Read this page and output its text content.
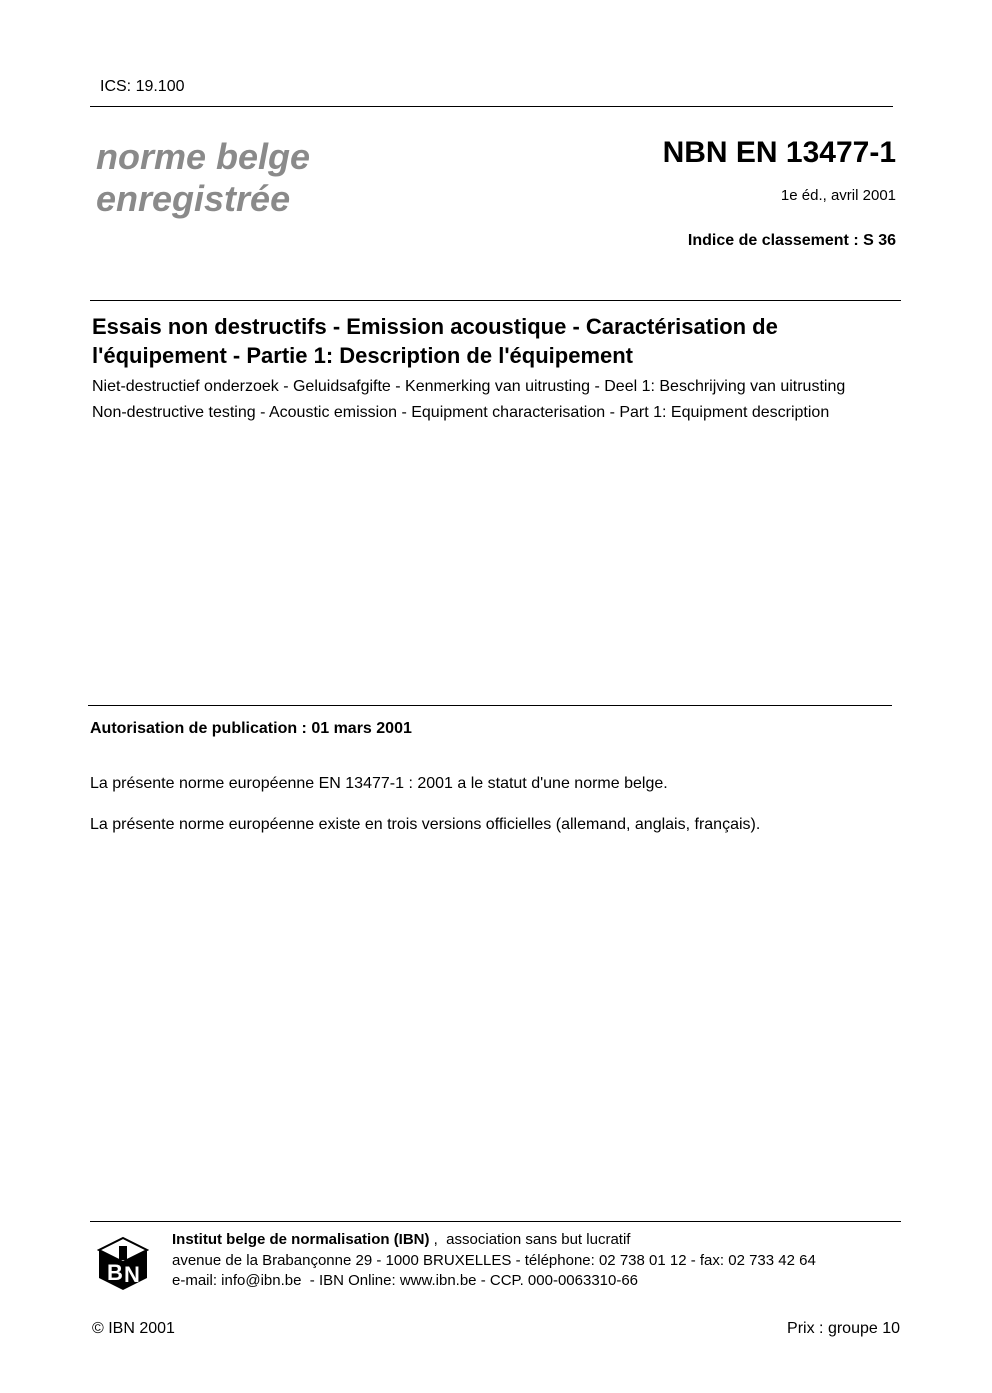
ICS: 19.100
norme belge
enregistrée
NBN EN 13477-1
1e éd., avril 2001
Indice de classement : S 36
Essais non destructifs - Emission acoustique - Caractérisation de l'équipement - Partie 1: Description de l'équipement
Niet-destructief onderzoek - Geluidsafgifte - Kenmerking van uitrusting - Deel 1: Beschrijving van uitrusting
Non-destructive testing - Acoustic emission - Equipment characterisation - Part 1: Equipment description
Autorisation de publication : 01 mars 2001
La présente norme européenne EN 13477-1 : 2001 a le statut d'une norme belge.
La présente norme européenne existe en trois versions officielles (allemand, anglais, français).
B N
Institut belge de normalisation (IBN) ,  association sans but lucratif
avenue de la Brabançonne 29 - 1000 BRUXELLES - téléphone: 02 738 01 12 - fax: 02 733 42 64
e-mail: info@ibn.be  - IBN Online: www.ibn.be - CCP. 000-0063310-66
© IBN 2001	Prix : groupe 10
